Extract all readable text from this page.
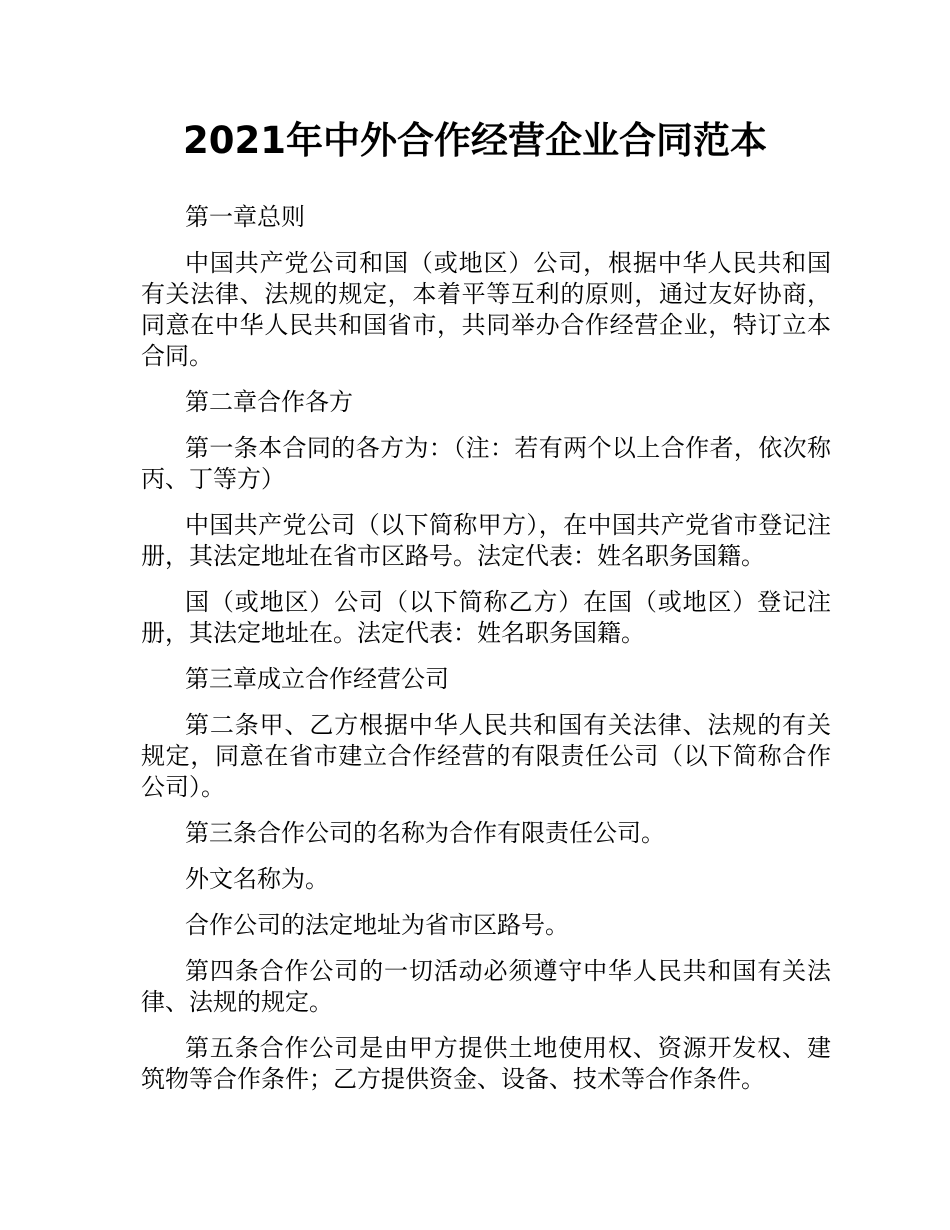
2021年中外合作经营企业合同范本

第一章总则

中国共产党公司和国（或地区）公司，根据中华人民共和国有关法律、法规的规定，本着平等互利的原则，通过友好协商，同意在中华人民共和国省市，共同举办合作经营企业，特订立本合同。

第二章合作各方

第一条本合同的各方为：（注：若有两个以上合作者，依次称丙、丁等方）

中国共产党公司（以下简称甲方），在中国共产党省市登记注册，其法定地址在省市区路号。法定代表：姓名职务国籍。

国（或地区）公司（以下简称乙方）在国（或地区）登记注册，其法定地址在。法定代表：姓名职务国籍。

第三章成立合作经营公司

第二条甲、乙方根据中华人民共和国有关法律、法规的有关规定，同意在省市建立合作经营的有限责任公司（以下简称合作公司）。

第三条合作公司的名称为合作有限责任公司。

外文名称为。

合作公司的法定地址为省市区路号。

第四条合作公司的一切活动必须遵守中华人民共和国有关法律、法规的规定。

第五条合作公司是由甲方提供土地使用权、资源开发权、建筑物等合作条件；乙方提供资金、设备、技术等合作条件。
